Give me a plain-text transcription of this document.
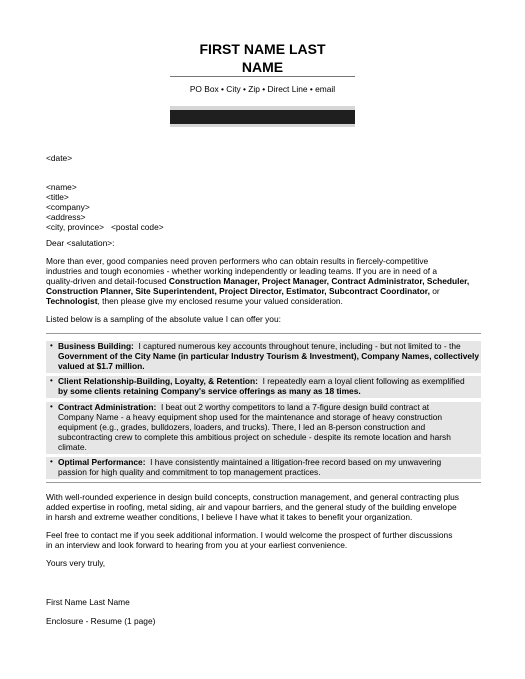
FIRST NAME LAST
NAME
PO Box • City • Zip • Direct Line • email
<date>
<name>
<title>
<company>
<address>
<city, province>   <postal code>
Dear <salutation>:
More than ever, good companies need proven performers who can obtain results in fiercely-competitive
industries and tough economies - whether working independently or leading teams. If you are in need of a
quality-driven and detail-focused Construction Manager, Project Manager, Contract Administrator, Scheduler,
Construction Planner, Site Superintendent, Project Director, Estimator, Subcontract Coordinator, or
Technologist, then please give my enclosed resume your valued consideration.
Listed below is a sampling of the absolute value I can offer you:
• Business Building:  I captured numerous key accounts throughout tenure, including - but not limited to - the
Government of the City Name (in particular Industry Tourism & Investment), Company Names, collectively
valued at $1.7 million.
• Client Relationship-Building, Loyalty, & Retention:  I repeatedly earn a loyal client following as exemplified
by some clients retaining Company's service offerings as many as 18 times.
• Contract Administration:  I beat out 2 worthy competitors to land a 7-figure design build contract at
Company Name - a heavy equipment shop used for the maintenance and storage of heavy construction
equipment (e.g., grades, bulldozers, loaders, and trucks). There, I led an 8-person construction and
subcontracting crew to complete this ambitious project on schedule - despite its remote location and harsh
climate.
• Optimal Performance:  I have consistently maintained a litigation-free record based on my unwavering
passion for high quality and commitment to top management practices.
With well-rounded experience in design build concepts, construction management, and general contracting plus
added expertise in roofing, metal siding, air and vapour barriers, and the general study of the building envelope
in harsh and extreme weather conditions, I believe I have what it takes to benefit your organization.
Feel free to contact me if you seek additional information. I would welcome the prospect of further discussions
in an interview and look forward to hearing from you at your earliest convenience.
Yours very truly,
First Name Last Name
Enclosure - Resume (1 page)
